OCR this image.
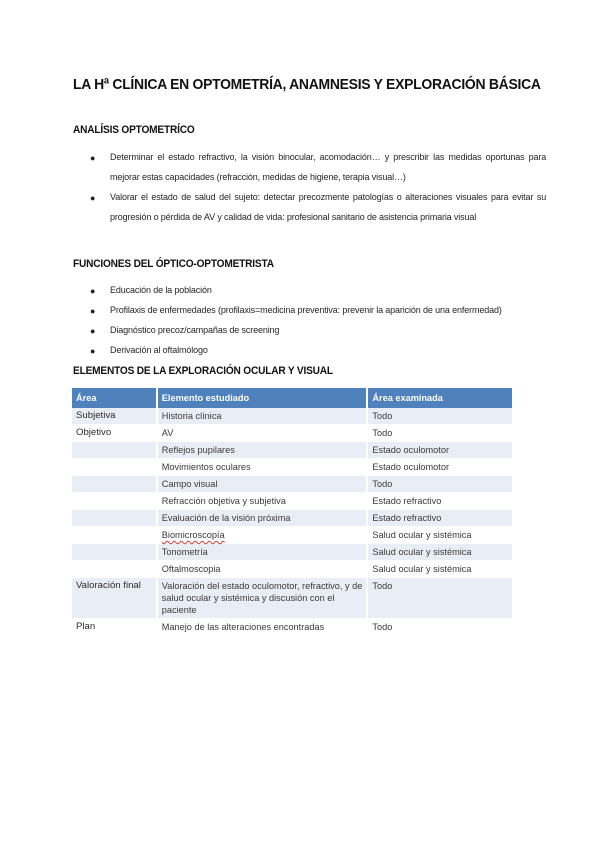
LA Hª CLÍNICA EN OPTOMETRÍA, ANAMNESIS Y EXPLORACIÓN BÁSICA
ANALÍSIS OPTOMETRÍCO
● Determinar el estado refractivo, la visión binocular, acomodación… y prescribir las medidas oportunas para mejorar estas capacidades (refracción, medidas de higiene, terapia visual…)
● Valorar el estado de salud del sujeto: detectar precozmente patologías o alteraciones visuales para evitar su progresión o pérdida de AV y calidad de vida: profesional sanitario de asistencia primaria visual
FUNCIONES DEL ÓPTICO-OPTOMETRISTA
● Educación de la población
● Profilaxis de enfermedades (profilaxis=medicina preventiva: prevenir la aparición de una enfermedad)
● Diagnóstico precoz/campañas de screening
● Derivación al oftalmólogo
ELEMENTOS DE LA EXPLORACIÓN OCULAR Y VISUAL
Área	Elemento estudiado	Área examinada
Subjetiva	Historia clínica	Todo
Objetivo	AV	Todo
	Reflejos pupilares	Estado oculomotor
	Movimientos oculares	Estado oculomotor
	Campo visual	Todo
	Refracción objetiva y subjetiva	Estado refractivo
	Evaluación de la visión próxima	Estado refractivo
	Biomicroscopía	Salud ocular y sistémica
	Tonometría	Salud ocular y sistémica
	Oftalmoscopia	Salud ocular y sistémica
Valoración final	Valoración del estado oculomotor, refractivo, y de salud ocular y sistémica y discusión con el paciente	Todo
Plan	Manejo de las alteraciones encontradas	Todo
